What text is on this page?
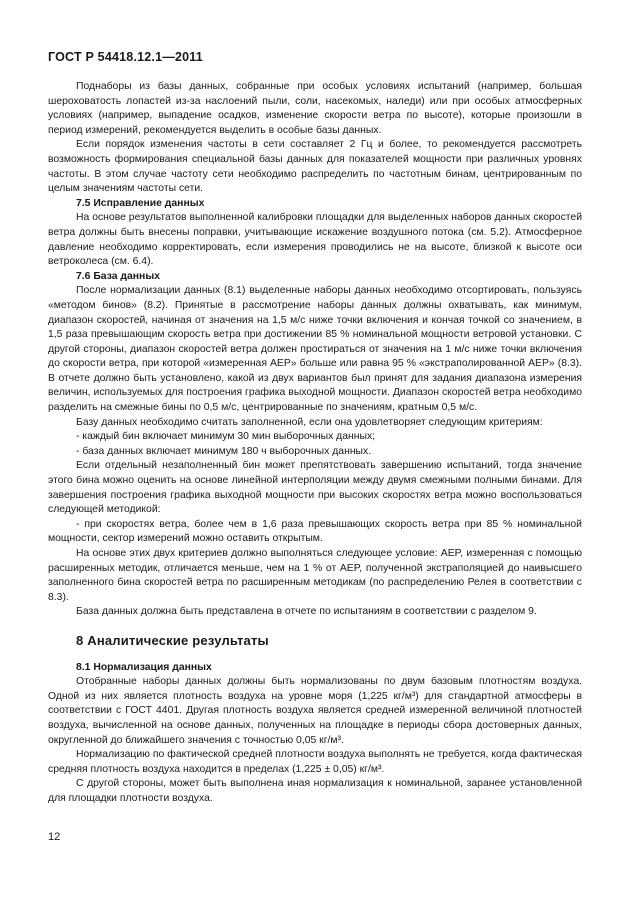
ГОСТ Р 54418.12.1—2011

Поднаборы из базы данных, собранные при особых условиях испытаний (например, большая шероховатость лопастей из-за наслоений пыли, соли, насекомых, наледи) или при особых атмосферных условиях (например, выпадение осадков, изменение скорости ветра по высоте), которые произошли в период измерений, рекомендуется выделить в особые базы данных.

Если порядок изменения частоты в сети составляет 2 Гц и более, то рекомендуется рассмотреть возможность формирования специальной базы данных для показателей мощности при различных уровнях частоты. В этом случае частоту сети необходимо распределить по частотным бинам, центрированным по целым значениям частоты сети.

7.5 Исправление данных

На основе результатов выполненной калибровки площадки для выделенных наборов данных скоростей ветра должны быть внесены поправки, учитывающие искажение воздушного потока (см. 5.2). Атмосферное давление необходимо корректировать, если измерения проводились не на высоте, близкой к высоте оси ветроколеса (см. 6.4).

7.6 База данных

После нормализации данных (8.1) выделенные наборы данных необходимо отсортировать, пользуясь «методом бинов» (8.2). Принятые в рассмотрение наборы данных должны охватывать, как минимум, диапазон скоростей, начиная от значения на 1,5 м/с ниже точки включения и кончая точкой со значением, в 1,5 раза превышающим скорость ветра при достижении 85 % номинальной мощности ветровой установки. С другой стороны, диапазон скоростей ветра должен простираться от значения на 1 м/с ниже точки включения до скорости ветра, при которой «измеренная AEP» больше или равна 95 % «экстраполированной AEP» (8.3). В отчете должно быть установлено, какой из двух вариантов был принят для задания диапазона измерения величин, используемых для построения графика выходной мощности. Диапазон скоростей ветра необходимо разделить на смежные бины по 0,5 м/с, центрированные по значениям, кратным 0,5 м/с.

Базу данных необходимо считать заполненной, если она удовлетворяет следующим критериям:

- каждый бин включает минимум 30 мин выборочных данных;
- база данных включает минимум 180 ч выборочных данных.

Если отдельный незаполненный бин может препятствовать завершению испытаний, тогда значение этого бина можно оценить на основе линейной интерполяции между двумя смежными полными бинами. Для завершения построения графика выходной мощности при высоких скоростях ветра можно воспользоваться следующей методикой:

- при скоростях ветра, более чем в 1,6 раза превышающих скорость ветра при 85 % номинальной мощности, сектор измерений можно оставить открытым.

На основе этих двух критериев должно выполняться следующее условие: AEP, измеренная с помощью расширенных методик, отличается меньше, чем на 1 % от AEP, полученной экстраполяцией до наивысшего заполненного бина скоростей ветра по расширенным методикам (по распределению Релея в соответствии с 8.3).

База данных должна быть представлена в отчете по испытаниям в соответствии с разделом 9.

8 Аналитические результаты
8.1 Нормализация данных

Отобранные наборы данных должны быть нормализованы по двум базовым плотностям воздуха. Одной из них является плотность воздуха на уровне моря (1,225 кг/м³) для стандартной атмосферы в соответствии с ГОСТ 4401. Другая плотность воздуха является средней измеренной величиной плотностей воздуха, вычисленной на основе данных, полученных на площадке в периоды сбора достоверных данных, округленной до ближайшего значения с точностью 0,05 кг/м³.

Нормализацию по фактической средней плотности воздуха выполнять не требуется, когда фактическая средняя плотность воздуха находится в пределах (1,225 ± 0,05) кг/м³.

С другой стороны, может быть выполнена иная нормализация к номинальной, заранее установленной для площадки плотности воздуха.

12
